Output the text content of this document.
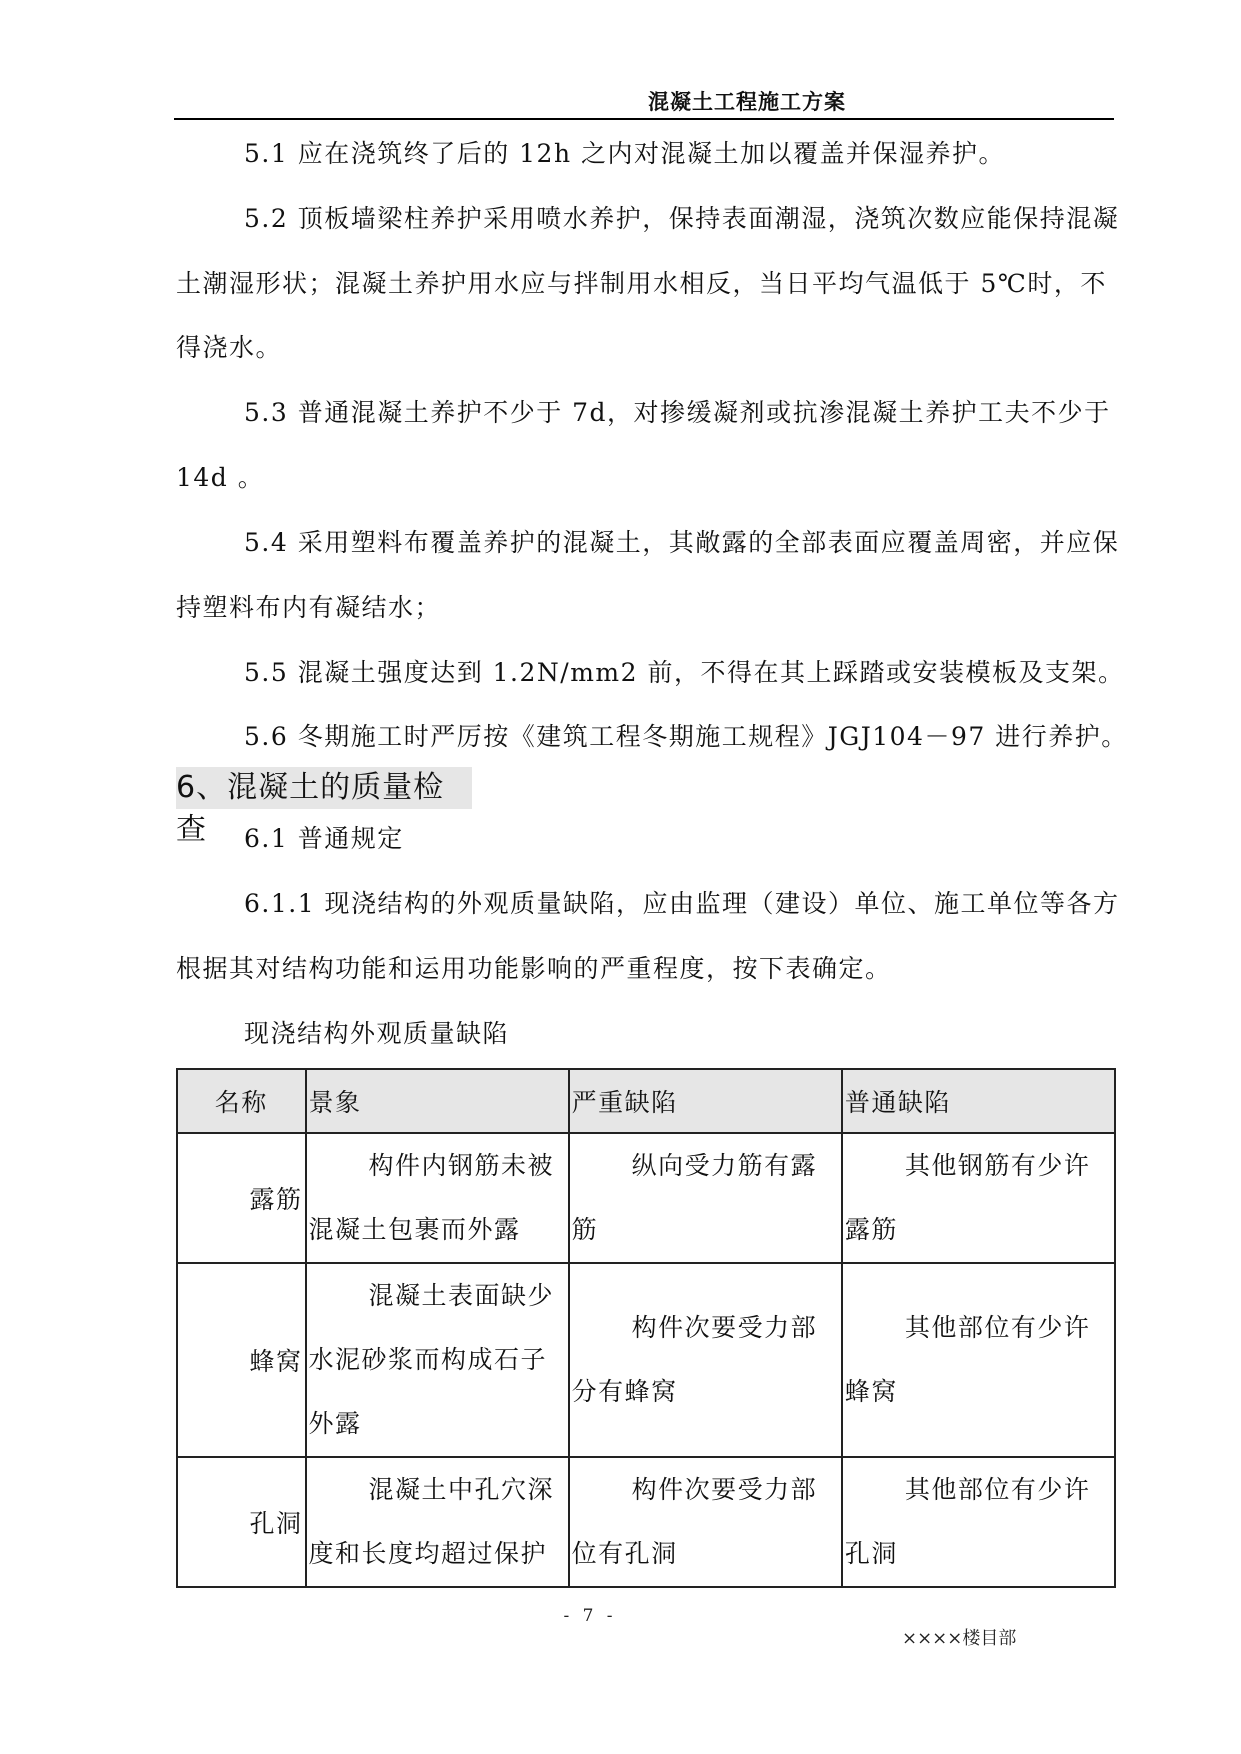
混凝土工程施工方案
5.1 应在浇筑终了后的 12h 之内对混凝土加以覆盖并保湿养护。
5.2 顶板墙梁柱养护采用喷水养护，保持表面潮湿，浇筑次数应能保持混凝
土潮湿形状；混凝土养护用水应与拌制用水相反，当日平均气温低于 5℃时，不
得浇水。
5.3 普通混凝土养护不少于 7d，对掺缓凝剂或抗渗混凝土养护工夫不少于
14d 。
5.4 采用塑料布覆盖养护的混凝土，其敞露的全部表面应覆盖周密，并应保
持塑料布内有凝结水；
5.5 混凝土强度达到 1.2N/mm2 前，不得在其上踩踏或安装模板及支架。
5.6 冬期施工时严厉按《建筑工程冬期施工规程》JGJ104－97 进行养护。
6、混凝土的质量检查	6.1 普通规定
6.1.1 现浇结构的外观质量缺陷，应由监理（建设）单位、施工单位等各方
根据其对结构功能和运用功能影响的严重程度，按下表确定。
现浇结构外观质量缺陷
名称	景象	严重缺陷	普通缺陷
露筋	构件内钢筋未被混凝土包裹而外露	纵向受力筋有露筋	其他钢筋有少许露筋

蜂窝	混凝土表面缺少水泥砂浆而构成石子外露	构件次要受力部分有蜂窝	其他部位有少许蜂窝

孔洞	混凝土中孔穴深度和长度均超过保护	构件次要受力部位有孔洞	其他部位有少许孔洞
- 7 -
××××楼目部
